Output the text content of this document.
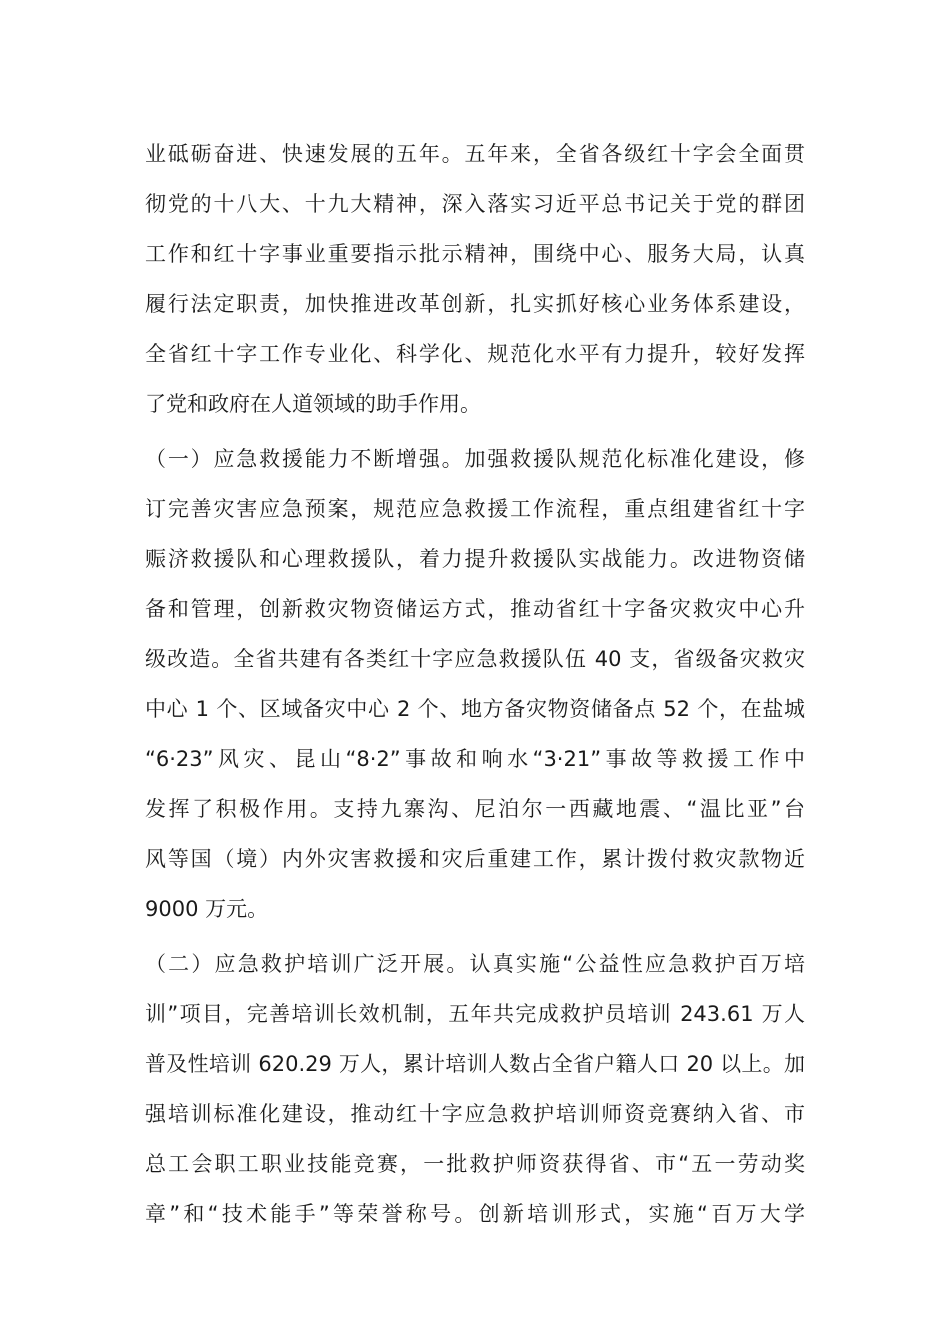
业砥砺奋进、快速发展的五年。五年来，全省各级红十字会全面贯
彻党的十八大、十九大精神，深入落实习近平总书记关于党的群团
工作和红十字事业重要指示批示精神，围绕中心、服务大局，认真
履行法定职责，加快推进改革创新，扎实抓好核心业务体系建设，
全省红十字工作专业化、科学化、规范化水平有力提升，较好发挥
了党和政府在人道领域的助手作用。
（一）应急救援能力不断增强。加强救援队规范化标准化建设，修
订完善灾害应急预案，规范应急救援工作流程，重点组建省红十字
赈济救援队和心理救援队，着力提升救援队实战能力。改进物资储
备和管理，创新救灾物资储运方式，推动省红十字备灾救灾中心升
级改造。全省共建有各类红十字应急救援队伍 40 支，省级备灾救灾
中心 1 个、区域备灾中心 2 个、地方备灾物资储备点 52 个，在盐城
“6·23”风灾、昆山“8·2”事故和响水“3·21”事故等救援工作中
发挥了积极作用。支持九寨沟、尼泊尔一西藏地震、“温比亚”台
风等国（境）内外灾害救援和灾后重建工作，累计拨付救灾款物近
9000 万元。
（二）应急救护培训广泛开展。认真实施“公益性应急救护百万培
训”项目，完善培训长效机制，五年共完成救护员培训 243.61 万人
普及性培训 620.29 万人，累计培训人数占全省户籍人口 20 以上。加
强培训标准化建设，推动红十字应急救护培训师资竞赛纳入省、市
总工会职工职业技能竞赛，一批救护师资获得省、市“五一劳动奖
章”和“技术能手”等荣誉称号。创新培训形式，实施“百万大学
